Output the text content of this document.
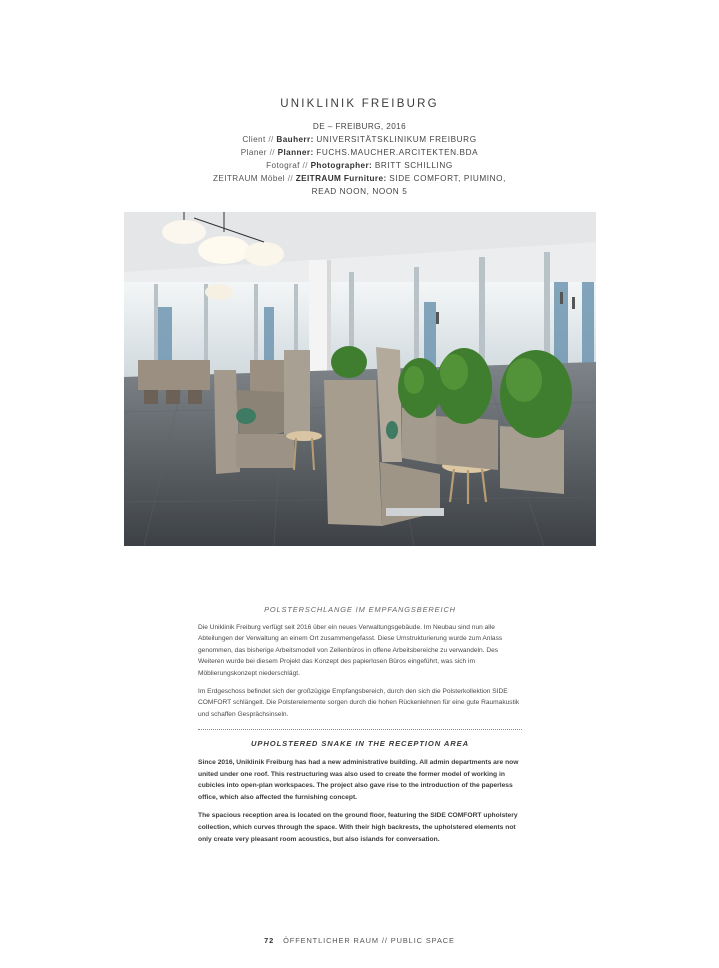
UNIKLINIK FREIBURG
DE – FREIBURG, 2016
Client // Bauherr: UNIVERSITÄTSKLINIKUM FREIBURG
Planer // Planner: FUCHS.MAUCHER.ARCITEKTEN.BDA
Fotograf // Photographer: BRITT SCHILLING
ZEITRAUM Möbel // ZEITRAUM Furniture: SIDE COMFORT, PIUMINO,
READ NOON, NOON 5
POLSTERSCHLANGE IM EMPFANGSBEREICH

Die Uniklinik Freiburg verfügt seit 2016 über ein neues Verwaltungsgebäude. Im Neubau sind nun alle Abteilungen der Verwaltung an einem Ort zusammengefasst. Diese Umstrukturierung wurde zum Anlass genommen, das bisherige Arbeitsmodell von Zellenbüros in offene Arbeitsbereiche zu verwandeln. Des Weiteren wurde bei diesem Projekt das Konzept des papierlosen Büros eingeführt, was sich im Möblierungskonzept niederschlägt.

Im Erdgeschoss befindet sich der großzügige Empfangsbereich, durch den sich die Polsterkollektion SIDE COMFORT schlängelt. Die Polsterelemente sorgen durch die hohen Rückenlehnen für eine gute Raumakustik und schaffen Gesprächsinseln.

UPHOLSTERED SNAKE IN THE RECEPTION AREA

Since 2016, Uniklinik Freiburg has had a new administrative building. All admin departments are now united under one roof. This restructuring was also used to create the former model of working in cubicles into open-plan workspaces. The project also gave rise to the introduction of the paperless office, which also affected the furnishing concept.

The spacious reception area is located on the ground floor, featuring the SIDE COMFORT upholstery collection, which curves through the space. With their high backrests, the upholstered elements not only create very pleasant room acoustics, but also islands for conversation.

72 ÖFFENTLICHER RAUM // PUBLIC SPACE
